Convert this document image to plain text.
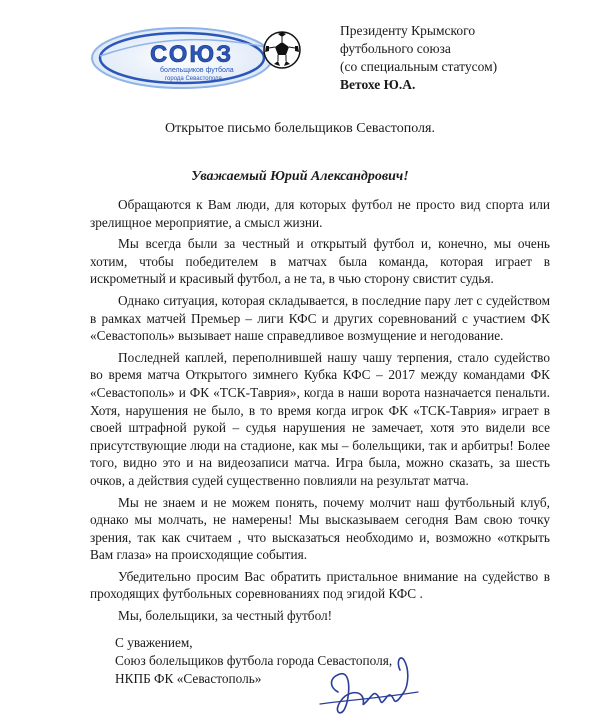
СОЮЗ
болельщиков футбола
города Севастополя
Президенту Крымского
футбольного союза
(со специальным статусом)
Ветохе Ю.А.
Открытое письмо болельщиков Севастополя.
Уважаемый Юрий Александрович!

Обращаются к Вам люди, для которых футбол не просто вид спорта или зрелищное мероприятие, а смысл жизни.

Мы всегда были за честный и открытый футбол и, конечно, мы очень хотим, чтобы победителем в матчах была команда, которая играет в искрометный и красивый футбол, а не та, в чью сторону свистит судья.

Однако ситуация, которая складывается, в последние пару лет с судейством в рамках матчей Премьер – лиги КФС и других соревнований с участием ФК «Севастополь» вызывает наше справедливое возмущение и негодование.

Последней каплей, переполнившей нашу чашу терпения, стало судейство во время матча Открытого зимнего Кубка КФС – 2017 между командами ФК «Севастополь» и ФК «ТСК-Таврия», когда в наши ворота назначается пенальти. Хотя, нарушения не было, в то время когда игрок ФК «ТСК-Таврия» играет в своей штрафной рукой – судья нарушения не замечает, хотя это видели все присутствующие люди на стадионе, как мы – болельщики, так и арбитры! Более того, видно это и на видеозаписи матча. Игра была, можно сказать, за шесть очков, а действия судей существенно повлияли на результат матча.

Мы не знаем и не можем понять, почему молчит наш футбольный клуб, однако мы молчать, не намерены! Мы высказываем сегодня Вам свою точку зрения, так как считаем , что высказаться необходимо и, возможно «открыть Вам глаза» на происходящие события.

Убедительно просим Вас обратить пристальное внимание на судейство в проходящих футбольных соревнованиях под эгидой КФС .

Мы, болельщики, за честный футбол!

С уважением,
Союз болельщиков футбола города Севастополя,
НКПБ ФК «Севастополь»
